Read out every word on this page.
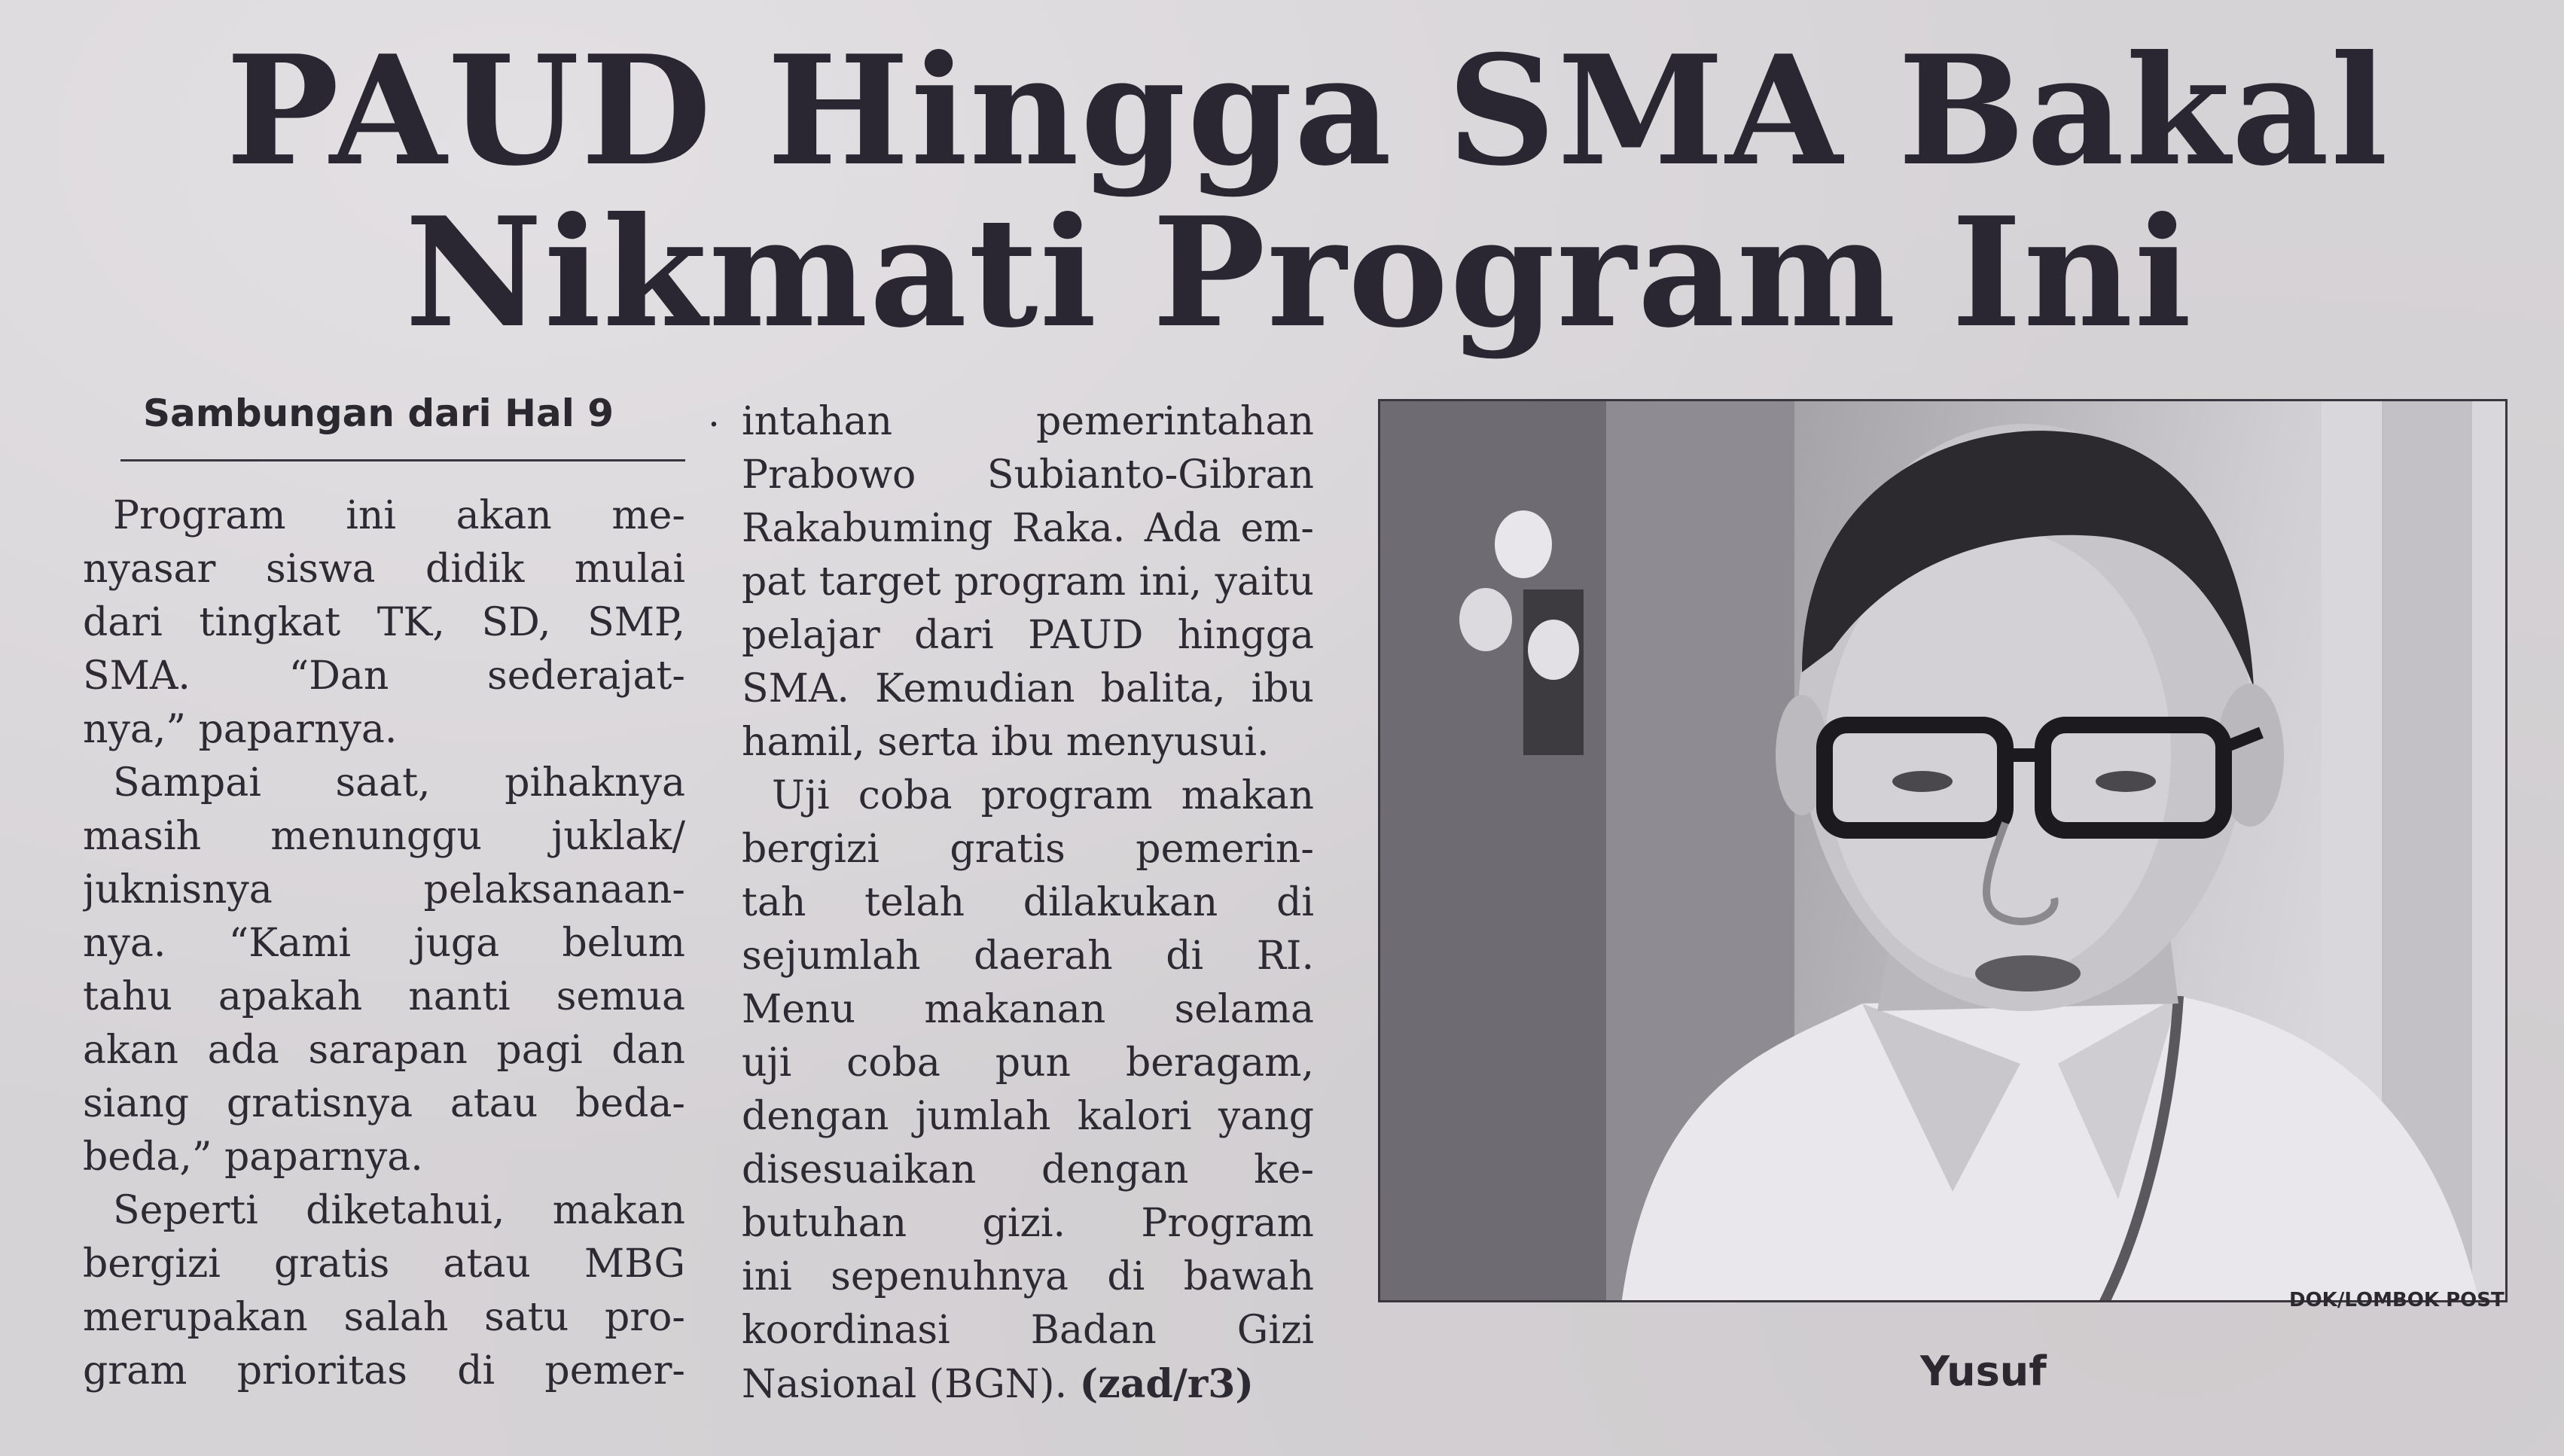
PAUD Hingga SMA Bakal
Nikmati Program Ini
Sambungan dari Hal 9 .
Program ini akan me-
nyasar siswa didik mulai
dari tingkat TK, SD, SMP,
SMA. “Dan sederajat-
nya,” paparnya.
Sampai saat, pihaknya
masih menunggu juklak/
juknisnya pelaksanaan-
nya. “Kami juga belum
tahu apakah nanti semua
akan ada sarapan pagi dan
siang gratisnya atau beda-
beda,” paparnya.
Seperti diketahui, makan
bergizi gratis atau MBG
merupakan salah satu pro-
gram prioritas di pemer-
intahan pemerintahan
Prabowo Subianto-Gibran
Rakabuming Raka. Ada em-
pat target program ini, yaitu
pelajar dari PAUD hingga
SMA. Kemudian balita, ibu
hamil, serta ibu menyusui.
Uji coba program makan
bergizi gratis pemerin-
tah telah dilakukan di
sejumlah daerah di RI.
Menu makanan selama
uji coba pun beragam,
dengan jumlah kalori yang
disesuaikan dengan ke-
butuhan gizi. Program
ini sepenuhnya di bawah
koordinasi Badan Gizi
Nasional (BGN). (zad/r3)
DOK/LOMBOK POST
Yusuf
